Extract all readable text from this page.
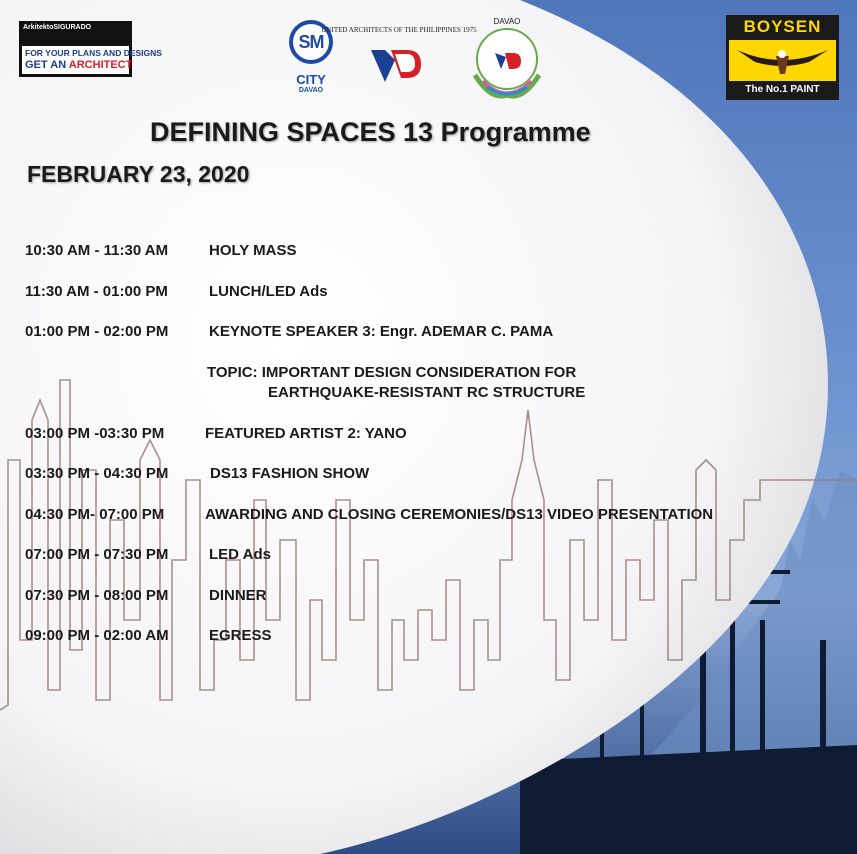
ArkitektoSIGURADO
FOR YOUR PLANS AND DESIGNS
GET AN ARCHITECT
SM
CITY
DAVAO
UNITED ARCHITECTS OF THE PHILIPPINES 1975
DAVAO	BOYSEN
The No.1 PAINT
DEFINING SPACES 13 Programme
FEBRUARY 23, 2020
10:30 AM - 11:30 AM	HOLY MASS
11:30 AM - 01:00 PM	LUNCH/LED Ads
01:00 PM - 02:00 PM	KEYNOTE SPEAKER 3: Engr. ADEMAR C. PAMA
TOPIC: IMPORTANT DESIGN CONSIDERATION FOR
EARTHQUAKE-RESISTANT RC STRUCTURE
03:00 PM -03:30 PM	FEATURED ARTIST 2: YANO
03:30 PM - 04:30 PM	DS13 FASHION SHOW
04:30 PM- 07:00 PM	AWARDING AND CLOSING CEREMONIES/DS13 VIDEO PRESENTATION
07:00 PM - 07:30 PM	LED Ads
07:30 PM - 08:00 PM	DINNER
09:00 PM - 02:00 AM	EGRESS
